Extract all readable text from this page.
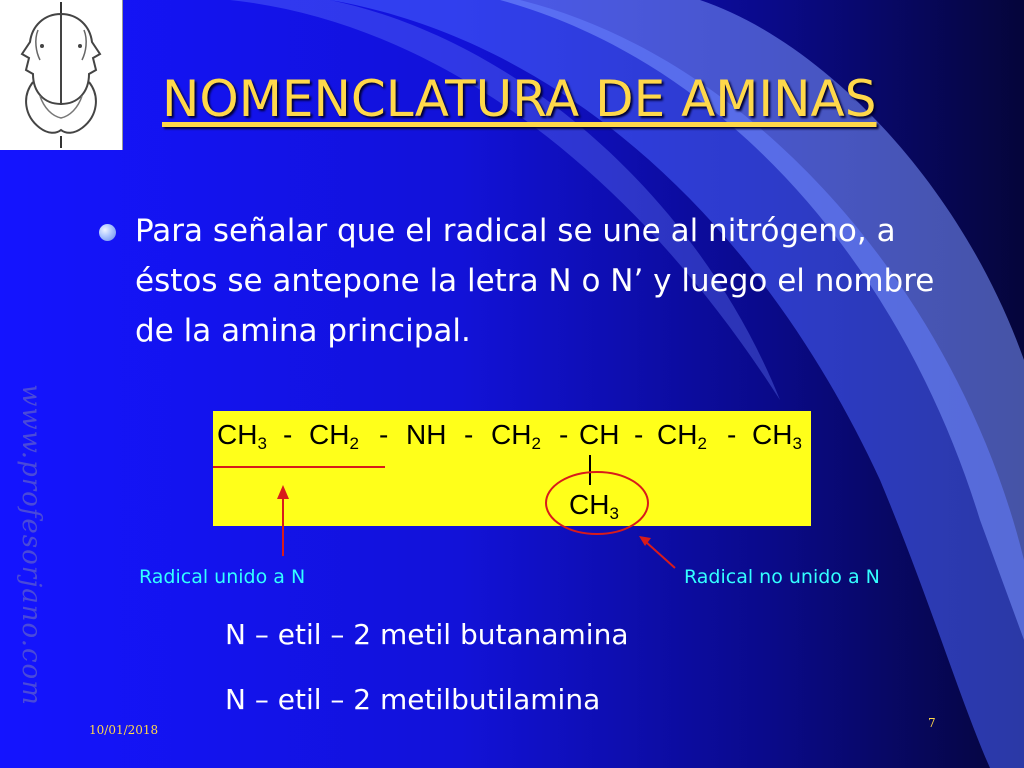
www.profesorjano.com
NOMENCLATURA DE AMINAS

Para señalar que el radical se une al nitrógeno, a éstos se antepone la letra N o N’ y luego el nombre de la amina principal.

$CH_3 - CH_2$ - NH - $CH_2$ - CH - $CH_2 - CH_3$
$CH_3$
Radical unido a N	Radical no unido a N
N – etil – 2 metil butanamina
N – etil – 2 metilbutilamina
10/01/2018	7
